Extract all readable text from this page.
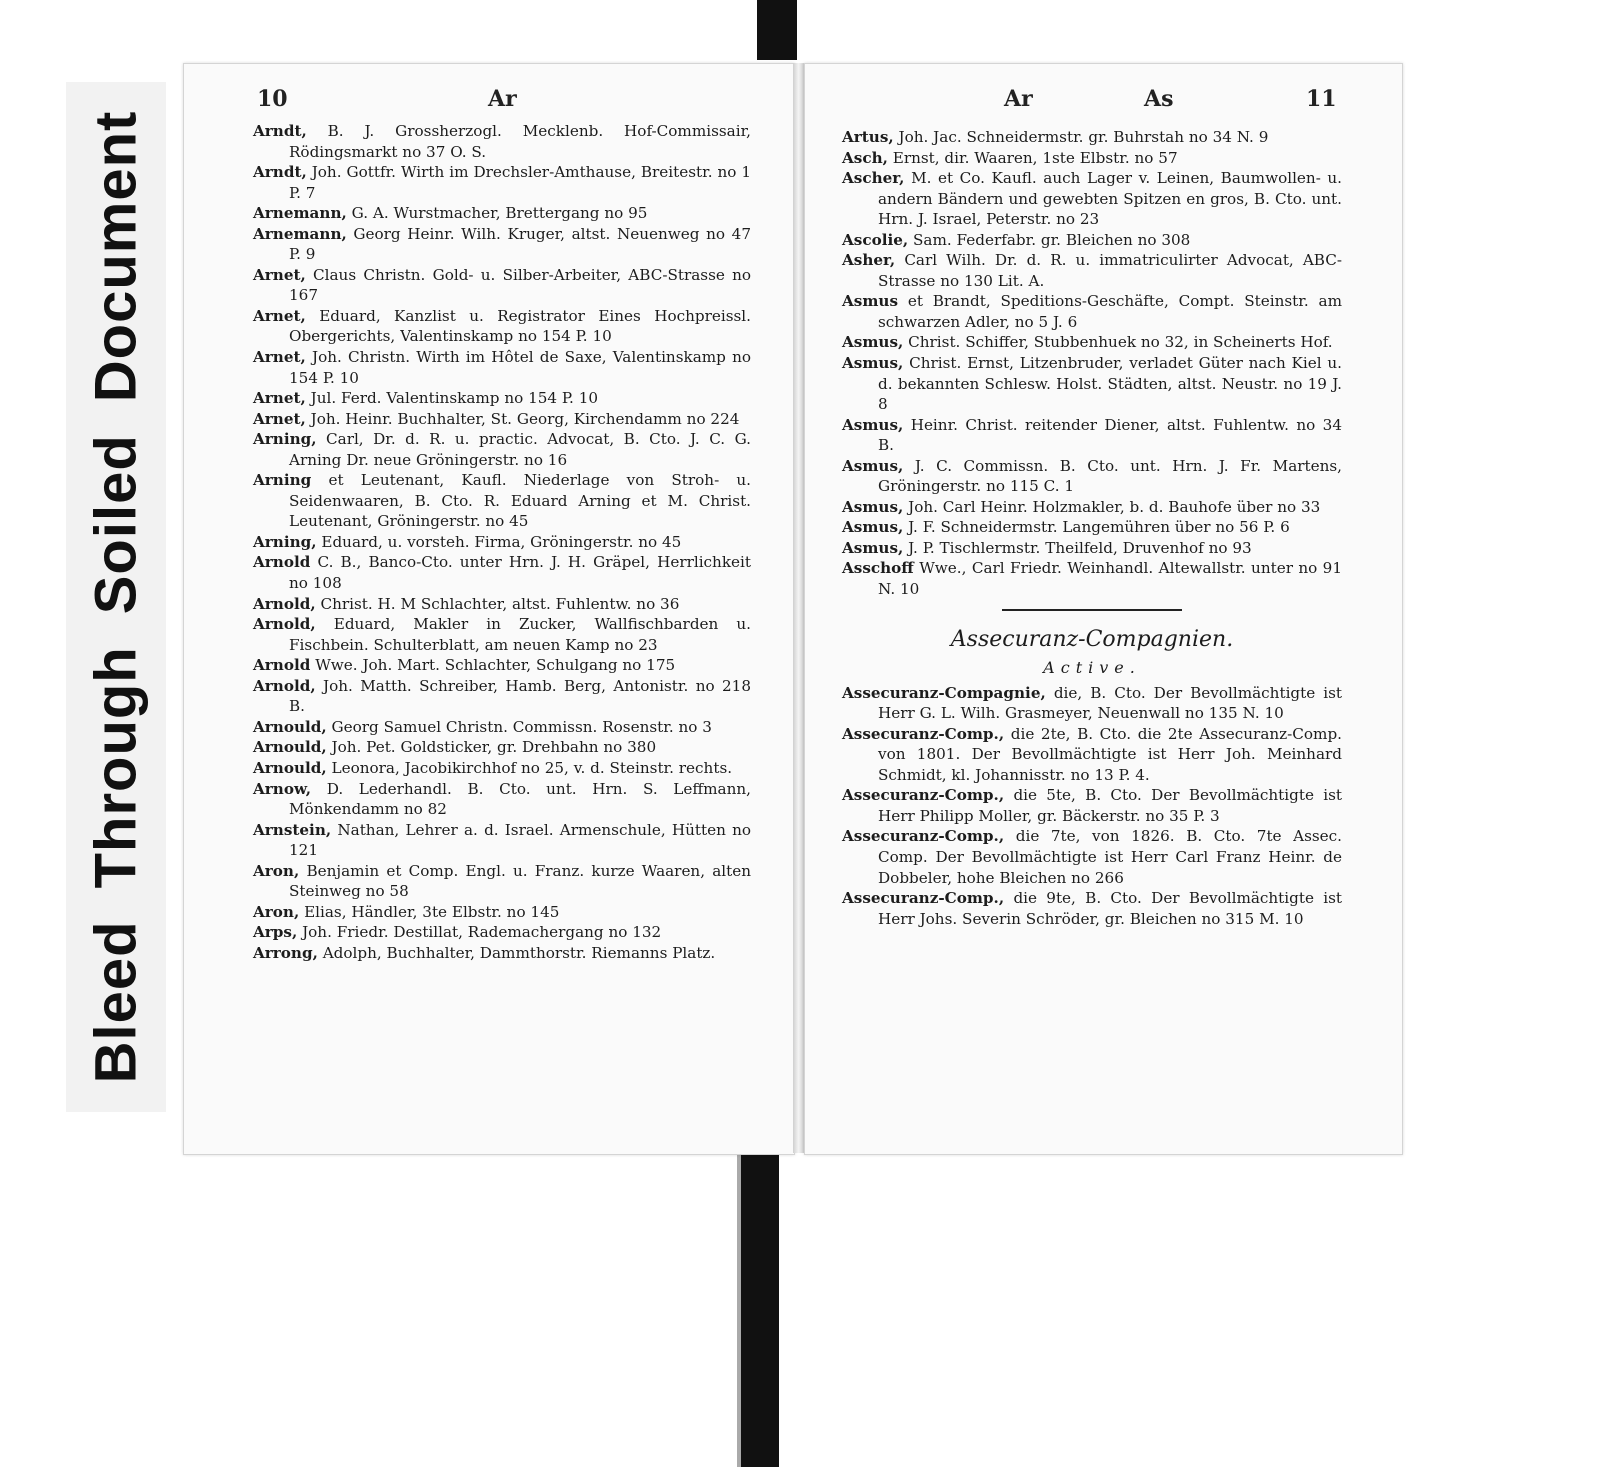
BleedThroughSoiledDocument
10	Ar	Ar	As	11

Arndt, B. J. Grossherzogl. Mecklenb. Hof-Commissair, Rödingsmarkt no 37 O. S.

Arndt, Joh. Gottfr. Wirth im Drechsler-Amthause, Breitestr. no 1 P. 7

Arnemann, G. A. Wurstmacher, Brettergang no 95

Arnemann, Georg Heinr. Wilh. Kruger, altst. Neuenweg no 47 P. 9

Arnet, Claus Christn. Gold- u. Silber-Arbeiter, ABC-Strasse no 167

Arnet, Eduard, Kanzlist u. Registrator Eines Hochpreissl. Obergerichts, Valentinskamp no 154 P. 10

Arnet, Joh. Christn. Wirth im Hôtel de Saxe, Valentinskamp no 154 P. 10

Arnet, Jul. Ferd. Valentinskamp no 154 P. 10

Arnet, Joh. Heinr. Buchhalter, St. Georg, Kirchendamm no 224

Arning, Carl, Dr. d. R. u. practic. Advocat, B. Cto. J. C. G. Arning Dr. neue Gröningerstr. no 16

Arning et Leutenant, Kaufl. Niederlage von Stroh- u. Seidenwaaren, B. Cto. R. Eduard Arning et M. Christ. Leutenant, Gröningerstr. no 45

Arning, Eduard, u. vorsteh. Firma, Gröningerstr. no 45

Arnold C. B., Banco-Cto. unter Hrn. J. H. Gräpel, Herrlichkeit no 108

Arnold, Christ. H. M Schlachter, altst. Fuhlentw. no 36

Arnold, Eduard, Makler in Zucker, Wallfischbarden u. Fischbein. Schulterblatt, am neuen Kamp no 23

Arnold Wwe. Joh. Mart. Schlachter, Schulgang no 175

Arnold, Joh. Matth. Schreiber, Hamb. Berg, Antonistr. no 218 B.

Arnould, Georg Samuel Christn. Commissn. Rosenstr. no 3

Arnould, Joh. Pet. Goldsticker, gr. Drehbahn no 380

Arnould, Leonora, Jacobikirchhof no 25, v. d. Steinstr. rechts.

Arnow, D. Lederhandl. B. Cto. unt. Hrn. S. Leffmann, Mönkendamm no 82

Arnstein, Nathan, Lehrer a. d. Israel. Armenschule, Hütten no 121

Aron, Benjamin et Comp. Engl. u. Franz. kurze Waaren, alten Steinweg no 58

Aron, Elias, Händler, 3te Elbstr. no 145

Arps, Joh. Friedr. Destillat, Rademachergang no 132

Arrong, Adolph, Buchhalter, Dammthorstr. Riemanns Platz.

Artus, Joh. Jac. Schneidermstr. gr. Buhrstah no 34 N. 9

Asch, Ernst, dir. Waaren, 1ste Elbstr. no 57

Ascher, M. et Co. Kaufl. auch Lager v. Leinen, Baumwollen- u. andern Bändern und gewebten Spitzen en gros, B. Cto. unt. Hrn. J. Israel, Peterstr. no 23

Ascolie, Sam. Federfabr. gr. Bleichen no 308

Asher, Carl Wilh. Dr. d. R. u. immatriculirter Advocat, ABC-Strasse no 130 Lit. A.

Asmus et Brandt, Speditions-Geschäfte, Compt. Steinstr. am schwarzen Adler, no 5 J. 6

Asmus, Christ. Schiffer, Stubbenhuek no 32, in Scheinerts Hof.

Asmus, Christ. Ernst, Litzenbruder, verladet Güter nach Kiel u. d. bekannten Schlesw. Holst. Städten, altst. Neustr. no 19 J. 8

Asmus, Heinr. Christ. reitender Diener, altst. Fuhlentw. no 34 B.

Asmus, J. C. Commissn. B. Cto. unt. Hrn. J. Fr. Martens, Gröningerstr. no 115 C. 1

Asmus, Joh. Carl Heinr. Holzmakler, b. d. Bauhofe über no 33

Asmus, J. F. Schneidermstr. Langemühren über no 56 P. 6

Asmus, J. P. Tischlermstr. Theilfeld, Druvenhof no 93

Asschoff Wwe., Carl Friedr. Weinhandl. Altewallstr. unter no 91 N. 10

Assecuranz-Compagnien.

Active.

Assecuranz-Compagnie, die, B. Cto. Der Bevollmächtigte ist Herr G. L. Wilh. Grasmeyer, Neuenwall no 135 N. 10

Assecuranz-Comp., die 2te, B. Cto. die 2te Assecuranz-Comp. von 1801. Der Bevollmächtigte ist Herr Joh. Meinhard Schmidt, kl. Johannisstr. no 13 P. 4.

Assecuranz-Comp., die 5te, B. Cto. Der Bevollmächtigte ist Herr Philipp Moller, gr. Bäckerstr. no 35 P. 3

Assecuranz-Comp., die 7te, von 1826. B. Cto. 7te Assec. Comp. Der Bevollmächtigte ist Herr Carl Franz Heinr. de Dobbeler, hohe Bleichen no 266

Assecuranz-Comp., die 9te, B. Cto. Der Bevollmächtigte ist Herr Johs. Severin Schröder, gr. Bleichen no 315 M. 10
